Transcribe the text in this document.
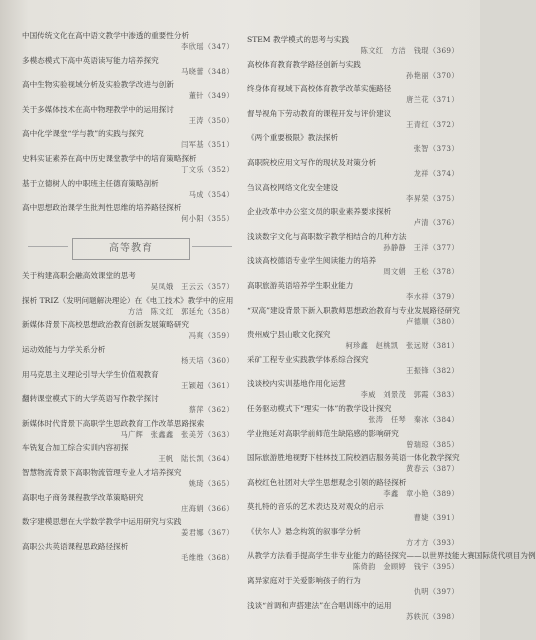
中国传统文化在高中语文教学中渗透的重要性分析
李欣瑶（347）
多模态模式下高中英语读写能力培养探究
马晓蕾（348）
高中生物实验视域分析及实验教学改进与创新
董针（349）
关于多媒体技术在高中物理教学中的运用探讨
王涛（350）
高中化学课堂“学与教”的实践与探究
闫军基（351）
史料实证素养在高中历史课堂教学中的培育策略探析
丁文乐（352）
基于立德树人的中职班主任德育策略剖析
马成（354）
高中思想政治课学生批判性思维的培养路径探析
何小阳（355）
高等教育
关于构建高职会融高效课堂的思考
吴凤娥　王云云（357）
探析 TRIZ（发明问题解决理论）在《电工技术》教学中的应用
方洁　陈文红　郭延允（358）
新媒体背景下高校思想政治教育创新发展策略研究
冯爽（359）
运动效能与力学关系分析
杨天培（360）
用马克思主义理论引导大学生价值观教育
王颖超（361）
翻转课堂模式下的大学英语写作教学探讨
蔡萍（362）
新媒体时代背景下高职学生思政教育工作改革思路探索
马广辉　张鑫鑫　张美芳（363）
车铣复合加工综合实训内容初探
王帆　陆长凯（364）
智慧物流背景下高职物流管理专业人才培养探究
姚琦（365）
高职电子商务课程教学改革策略研究
庄海娟（366）
数字建模思想在大学数学教学中运用研究与实践
姜君娜（367）
高职公共英语课程思政路径探析
毛维维（368）
STEM 教学模式的思考与实践
陈文红　方洁　钱琨（369）
高校体育教育教学路径创新与实践
孙艳丽（370）
终身体育视域下高校体育教学改革实施路径
唐兰花（371）
督导视角下劳动教育的课程开发与评价建议
王青红（372）
《两个重要极限》教法探析
张智（373）
高职院校应用文写作的现状及对策分析
龙祥（374）
刍议高校网络文化安全建设
李昇荣（375）
企业改革中办公室文员的职业素养要求探析
卢清（376）
浅谈数字文化与高职数字教学相结合的几种方法
孙静静　王洋（377）
浅谈高校德语专业学生阅读能力的培养
周文娟　王松（378）
高职旅游英语培养学生职业能力
李水祥（379）
“双高”建设背景下新入职教师思想政治教育与专业发展路径研究
卢德顺（380）
贵州威宁县山歌文化探究
柯珍鑫　赵桃凯　张远财（381）
采矿工程专业实践教学体系综合探究
王振锋（382）
浅谈校内实训基地作用化运营
李威　刘景茂　郭霞（383）
任务驱动模式下“理实一体”的教学设计探究
张涛　任琴　秦冰（384）
学业拖延对高职学前师范生缺陷感的影响研究
曾瑞琼（385）
国际旅游胜地视野下桂林技工院校酒店服务英语一体化教学探究
黄春云（387）
高校红色社团对大学生思想观念引领的路径探析
李鑫　章小艳（389）
莫扎特的音乐的艺术表达及对观众的启示
曹婕（391）
《伏尔人》悬念构筑的叙事学分析
方才方（393）
从教学方法看手提高学生非专业能力的路径探究——以世界技能大赛国际货代项目为例
陈倚韵　金顾婷　钱宇（395）
离异家庭对于关爱影响孩子的行为
仇明（397）
浅谈“首调和声搭建法”在合唱训练中的运用
苏轶沉（398）
